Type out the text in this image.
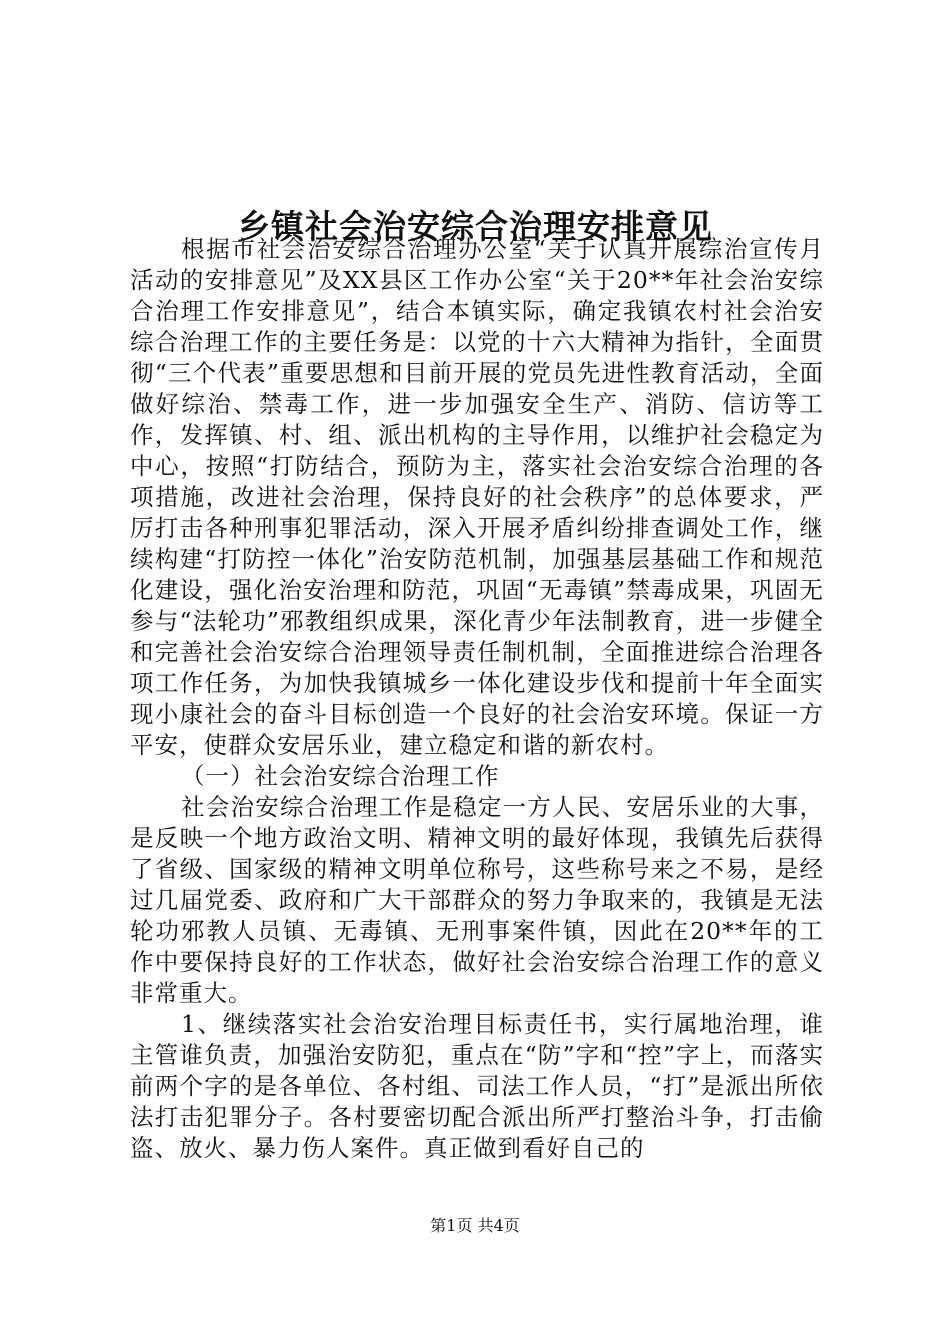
乡镇社会治安综合治理安排意见

根据市社会治安综合治理办公室“关于认真开展综治宣传月活动的安排意见”及XX县区工作办公室“关于20**年社会治安综合治理工作安排意见”，结合本镇实际，确定我镇农村社会治安综合治理工作的主要任务是：以党的十六大精神为指针，全面贯彻“三个代表”重要思想和目前开展的党员先进性教育活动，全面做好综治、禁毒工作，进一步加强安全生产、消防、信访等工作，发挥镇、村、组、派出机构的主导作用，以维护社会稳定为中心，按照“打防结合，预防为主，落实社会治安综合治理的各项措施，改进社会治理，保持良好的社会秩序”的总体要求，严厉打击各种刑事犯罪活动，深入开展矛盾纠纷排查调处工作，继续构建“打防控一体化”治安防范机制，加强基层基础工作和规范化建设，强化治安治理和防范，巩固“无毒镇”禁毒成果，巩固无参与“法轮功”邪教组织成果，深化青少年法制教育，进一步健全和完善社会治安综合治理领导责任制机制，全面推进综合治理各项工作任务，为加快我镇城乡一体化建设步伐和提前十年全面实现小康社会的奋斗目标创造一个良好的社会治安环境。保证一方平安，使群众安居乐业，建立稳定和谐的新农村。

（一）社会治安综合治理工作

社会治安综合治理工作是稳定一方人民、安居乐业的大事，是反映一个地方政治文明、精神文明的最好体现，我镇先后获得了省级、国家级的精神文明单位称号，这些称号来之不易，是经过几届党委、政府和广大干部群众的努力争取来的，我镇是无法轮功邪教人员镇、无毒镇、无刑事案件镇，因此在20**年的工作中要保持良好的工作状态，做好社会治安综合治理工作的意义非常重大。

1、继续落实社会治安治理目标责任书，实行属地治理，谁主管谁负责，加强治安防犯，重点在“防”字和“控”字上，而落实前两个字的是各单位、各村组、司法工作人员，“打”是派出所依法打击犯罪分子。各村要密切配合派出所严打整治斗争，打击偷盗、放火、暴力伤人案件。真正做到看好自己的

第1页 共4页
